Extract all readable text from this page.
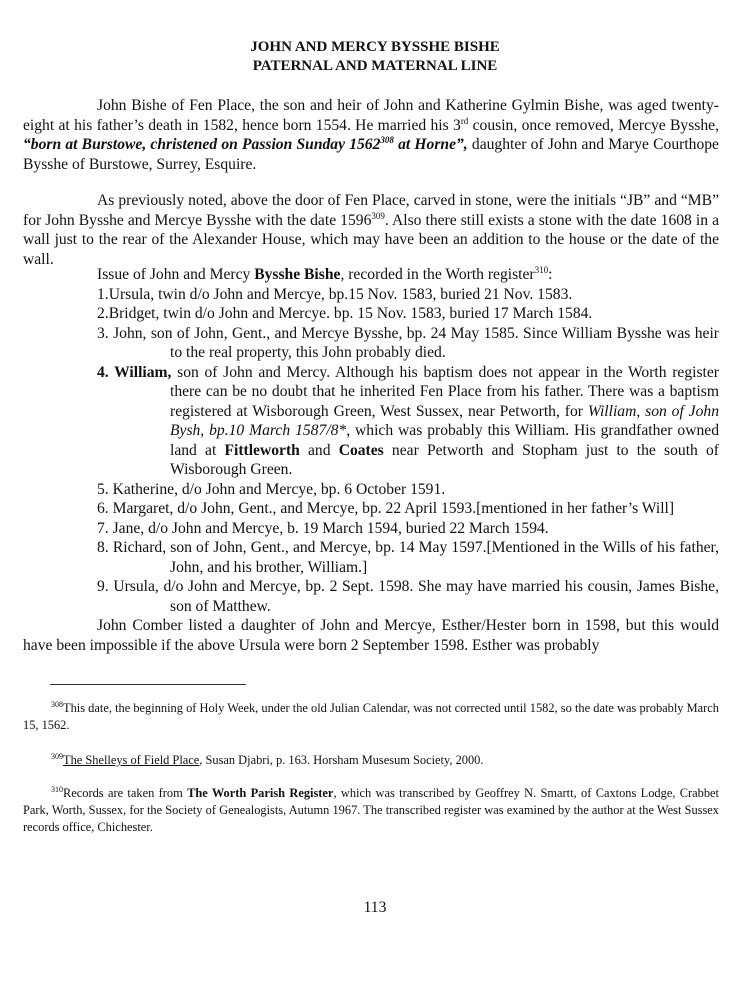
JOHN AND MERCY BYSSHE BISHE
PATERNAL AND MATERNAL LINE

John Bishe of Fen Place, the son and heir of John and Katherine Gylmin Bishe, was aged twenty-eight at his father’s death in 1582, hence born 1554. He married his 3rd cousin, once removed, Mercye Bysshe, “born at Burstowe, christened on Passion Sunday 1562$^{308}$ at Horne”, daughter of John and Marye Courthope Bysshe of Burstowe, Surrey, Esquire.

As previously noted, above the door of Fen Place, carved in stone, were the initials “JB” and “MB” for John Bysshe and Mercye Bysshe with the date 1596$^{309}$. Also there still exists a stone with the date 1608 in a wall just to the rear of the Alexander House, which may have been an addition to the house or the date of the wall.

Issue of John and Mercy Bysshe Bishe, recorded in the Worth register$^{310}$:

1.Ursula, twin d/o John and Mercye, bp.15 Nov. 1583, buried 21 Nov. 1583.

2.Bridget, twin d/o John and Mercye. bp. 15 Nov. 1583, buried 17 March 1584.

3. John, son of John, Gent., and Mercye Bysshe, bp. 24 May 1585. Since William Bysshe was heir to the real property, this John probably died.

4. William, son of John and Mercy. Although his baptism does not appear in the Worth register there can be no doubt that he inherited Fen Place from his father. There was a baptism registered at Wisborough Green, West Sussex, near Petworth, for William, son of John Bysh, bp.10 March 1587/8*, which was probably this William. His grandfather owned land at Fittleworth and Coates near Petworth and Stopham just to the south of Wisborough Green.

5. Katherine, d/o John and Mercye, bp. 6 October 1591.

6. Margaret, d/o John, Gent., and Mercye, bp. 22 April 1593.[mentioned in her father’s Will]

7. Jane, d/o John and Mercye, b. 19 March 1594, buried 22 March 1594.

8. Richard, son of John, Gent., and Mercye, bp. 14 May 1597.[Mentioned in the Wills of his father, John, and his brother, William.]

9. Ursula, d/o John and Mercye, bp. 2 Sept. 1598. She may have married his cousin, James Bishe, son of Matthew.

John Comber listed a daughter of John and Mercye, Esther/Hester born in 1598, but this would have been impossible if the above Ursula were born 2 September 1598. Esther was probably

$^{308}$This date, the beginning of Holy Week, under the old Julian Calendar, was not corrected until 1582, so the date was probably March 15, 1562.

$^{309}$The Shelleys of Field Place, Susan Djabri, p. 163. Horsham Musesum Society, 2000.

$^{310}$Records are taken from The Worth Parish Register, which was transcribed by Geoffrey N. Smartt, of Caxtons Lodge, Crabbet Park, Worth, Sussex, for the Society of Genealogists, Autumn 1967. The transcribed register was examined by the author at the West Sussex records office, Chichester.

113
